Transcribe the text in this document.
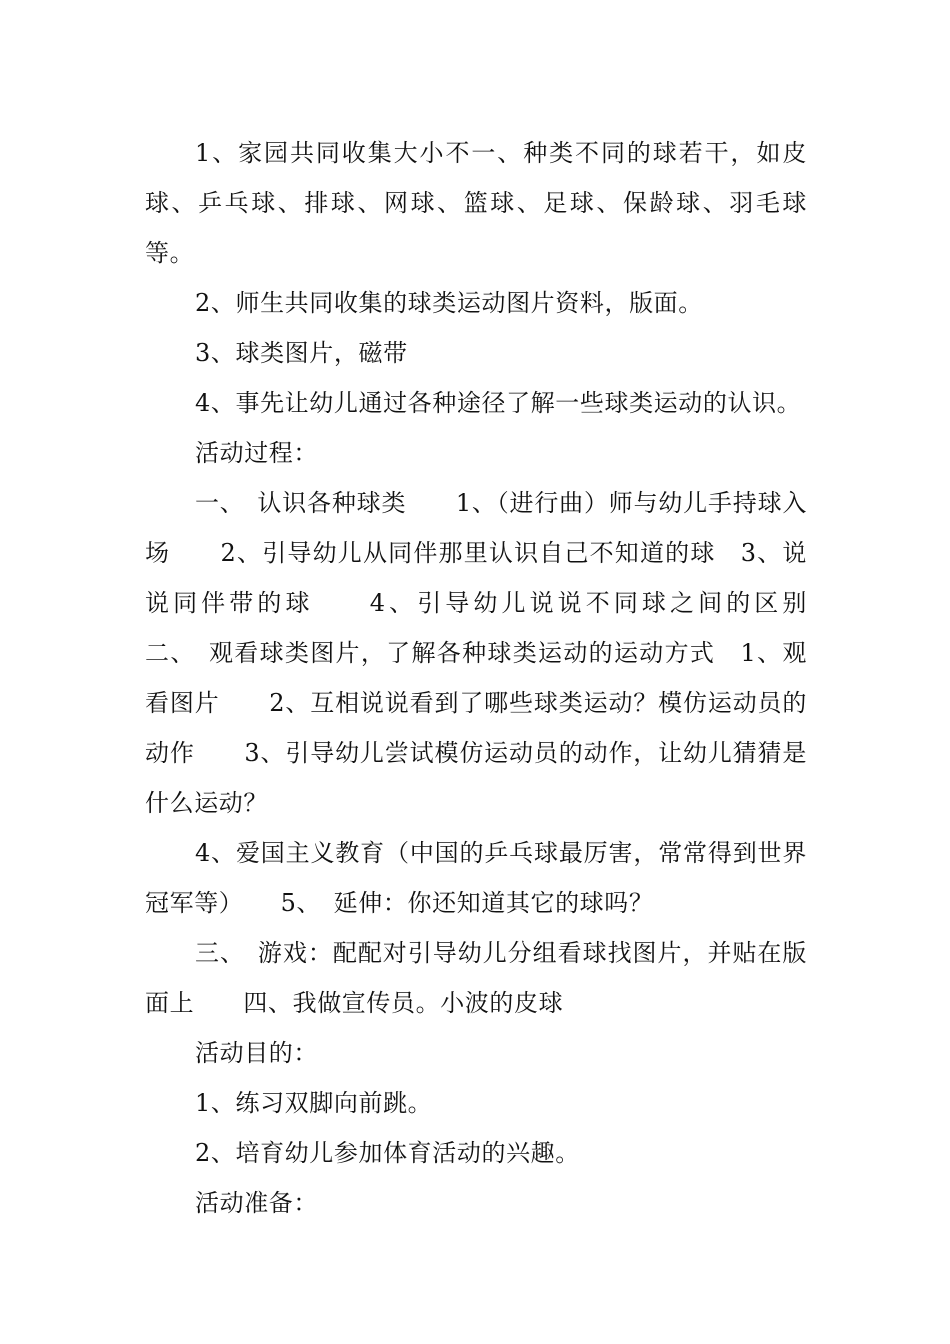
1、家园共同收集大小不一、种类不同的球若干，如皮球、乒乓球、排球、网球、篮球、足球、保龄球、羽毛球等。

2、师生共同收集的球类运动图片资料，版面。

3、球类图片，磁带

4、事先让幼儿通过各种途径了解一些球类运动的认识。

活动过程：

一、　认识各种球类　　1、（进行曲）师与幼儿手持球入场　　2、引导幼儿从同伴那里认识自己不知道的球　3、说说同伴带的球　　4、引导幼儿说说不同球之间的区别　　二、　观看球类图片，了解各种球类运动的运动方式　1、观看图片　　2、互相说说看到了哪些球类运动？模仿运动员的动作　　3、引导幼儿尝试模仿运动员的动作，让幼儿猜猜是什么运动？

4、爱国主义教育（中国的乒乓球最厉害，常常得到世界冠军等）　　5、　延伸：你还知道其它的球吗？

三、　游戏：配配对引导幼儿分组看球找图片，并贴在版面上　　四、我做宣传员。小波的皮球

活动目的：

1、练习双脚向前跳。

2、培育幼儿参加体育活动的兴趣。

活动准备：
